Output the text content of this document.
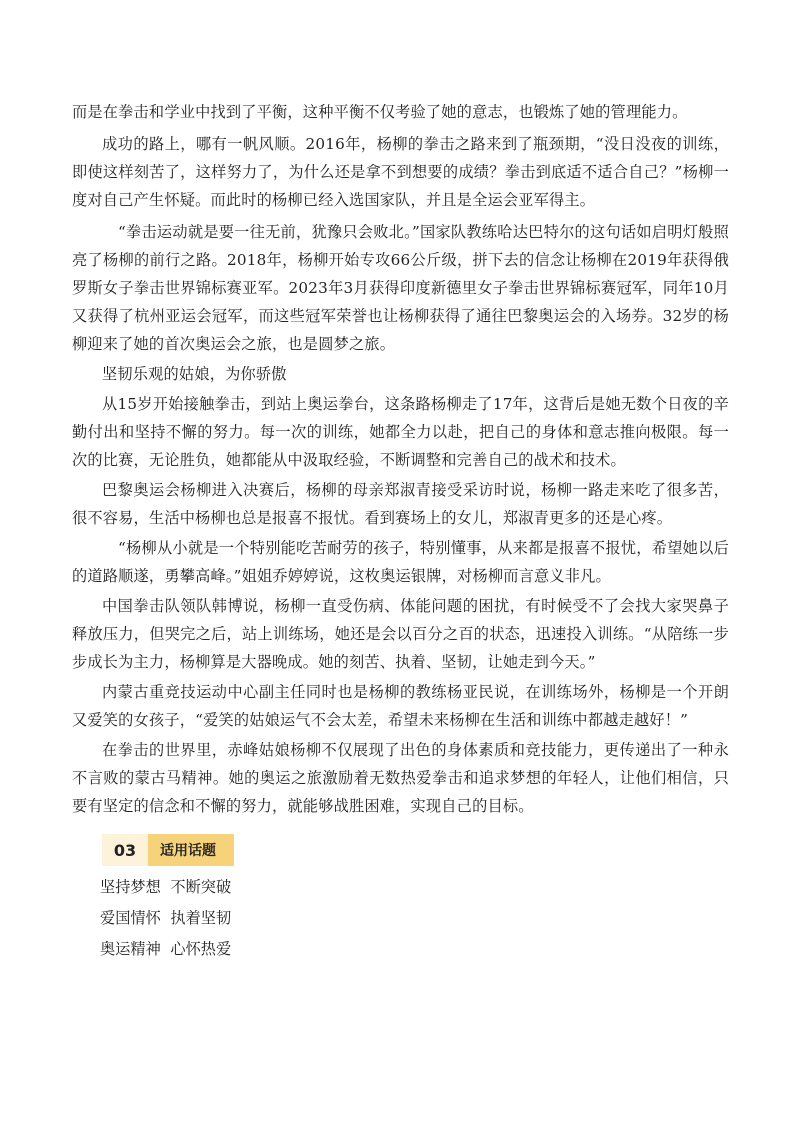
而是在拳击和学业中找到了平衡，这种平衡不仅考验了她的意志，也锻炼了她的管理能力。

成功的路上，哪有一帆风顺。2016年，杨柳的拳击之路来到了瓶颈期，“没日没夜的训练，即使这样刻苦了，这样努力了，为什么还是拿不到想要的成绩？拳击到底适不适合自己？”杨柳一度对自己产生怀疑。而此时的杨柳已经入选国家队，并且是全运会亚军得主。

“拳击运动就是要一往无前，犹豫只会败北。”国家队教练哈达巴特尔的这句话如启明灯般照亮了杨柳的前行之路。2018年，杨柳开始专攻66公斤级，拼下去的信念让杨柳在2019年获得俄罗斯女子拳击世界锦标赛亚军。2023年3月获得印度新德里女子拳击世界锦标赛冠军，同年10月又获得了杭州亚运会冠军，而这些冠军荣誉也让杨柳获得了通往巴黎奥运会的入场券。32岁的杨柳迎来了她的首次奥运会之旅，也是圆梦之旅。

坚韧乐观的姑娘，为你骄傲

从15岁开始接触拳击，到站上奥运拳台，这条路杨柳走了17年，这背后是她无数个日夜的辛勤付出和坚持不懈的努力。每一次的训练，她都全力以赴，把自己的身体和意志推向极限。每一次的比赛，无论胜负，她都能从中汲取经验，不断调整和完善自己的战术和技术。

巴黎奥运会杨柳进入决赛后，杨柳的母亲郑淑青接受采访时说，杨柳一路走来吃了很多苦，很不容易，生活中杨柳也总是报喜不报忧。看到赛场上的女儿，郑淑青更多的还是心疼。

“杨柳从小就是一个特别能吃苦耐劳的孩子，特别懂事，从来都是报喜不报忧，希望她以后的道路顺遂，勇攀高峰。”姐姐乔婷婷说，这枚奥运银牌，对杨柳而言意义非凡。

中国拳击队领队韩博说，杨柳一直受伤病、体能问题的困扰，有时候受不了会找大家哭鼻子释放压力，但哭完之后，站上训练场，她还是会以百分之百的状态，迅速投入训练。“从陪练一步步成长为主力，杨柳算是大器晚成。她的刻苦、执着、坚韧，让她走到今天。”

内蒙古重竞技运动中心副主任同时也是杨柳的教练杨亚民说，在训练场外，杨柳是一个开朗又爱笑的女孩子，“爱笑的姑娘运气不会太差，希望未来杨柳在生活和训练中都越走越好！”

在拳击的世界里，赤峰姑娘杨柳不仅展现了出色的身体素质和竞技能力，更传递出了一种永不言败的蒙古马精神。她的奥运之旅激励着无数热爱拳击和追求梦想的年轻人，让他们相信，只要有坚定的信念和不懈的努力，就能够战胜困难，实现自己的目标。

03	适用话题
坚持梦想  不断突破
爱国情怀  执着坚韧
奥运精神  心怀热爱
